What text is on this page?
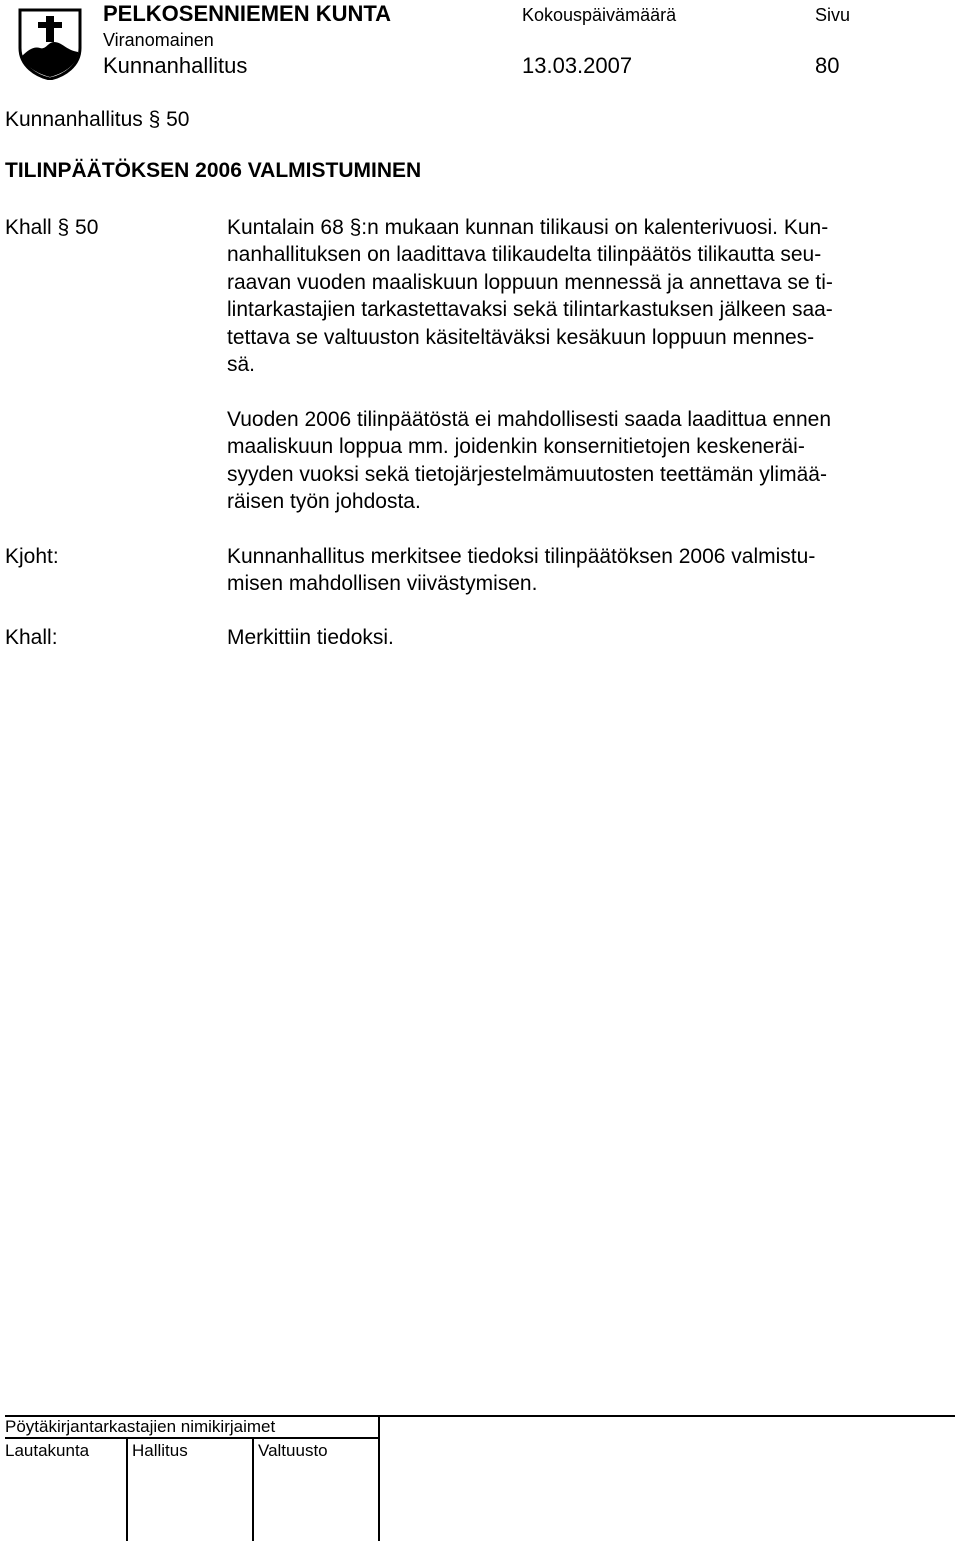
PELKOSENNIEMEN KUNTA
Viranomainen
Kunnanhallitus
Kokouspäivämäärä
13.03.2007
Sivu
80
Kunnanhallitus § 50
TILINPÄÄTÖKSEN 2006 VALMISTUMINEN
Khall § 50	Kuntalain 68 §:n mukaan kunnan tilikausi on kalenterivuosi. Kun-
nanhallituksen on laadittava tilikaudelta tilinpäätös tilikautta seu-
raavan vuoden maaliskuun loppuun mennessä ja annettava se ti-
lintarkastajien tarkastettavaksi sekä tilintarkastuksen jälkeen saa-
tettava se valtuuston käsiteltäväksi kesäkuun loppuun mennes-
sä.
Vuoden 2006 tilinpäätöstä ei mahdollisesti saada laadittua ennen
maaliskuun loppua mm. joidenkin konsernitietojen keskeneräi-
syyden vuoksi sekä tietojärjestelmämuutosten teettämän ylimää-
räisen työn johdosta.
Kjoht:	Kunnanhallitus merkitsee tiedoksi tilinpäätöksen 2006 valmistu-
misen mahdollisen viivästymisen.
Khall:	Merkittiin tiedoksi.
Pöytäkirjantarkastajien nimikirjaimet
Lautakunta	Hallitus	Valtuusto
